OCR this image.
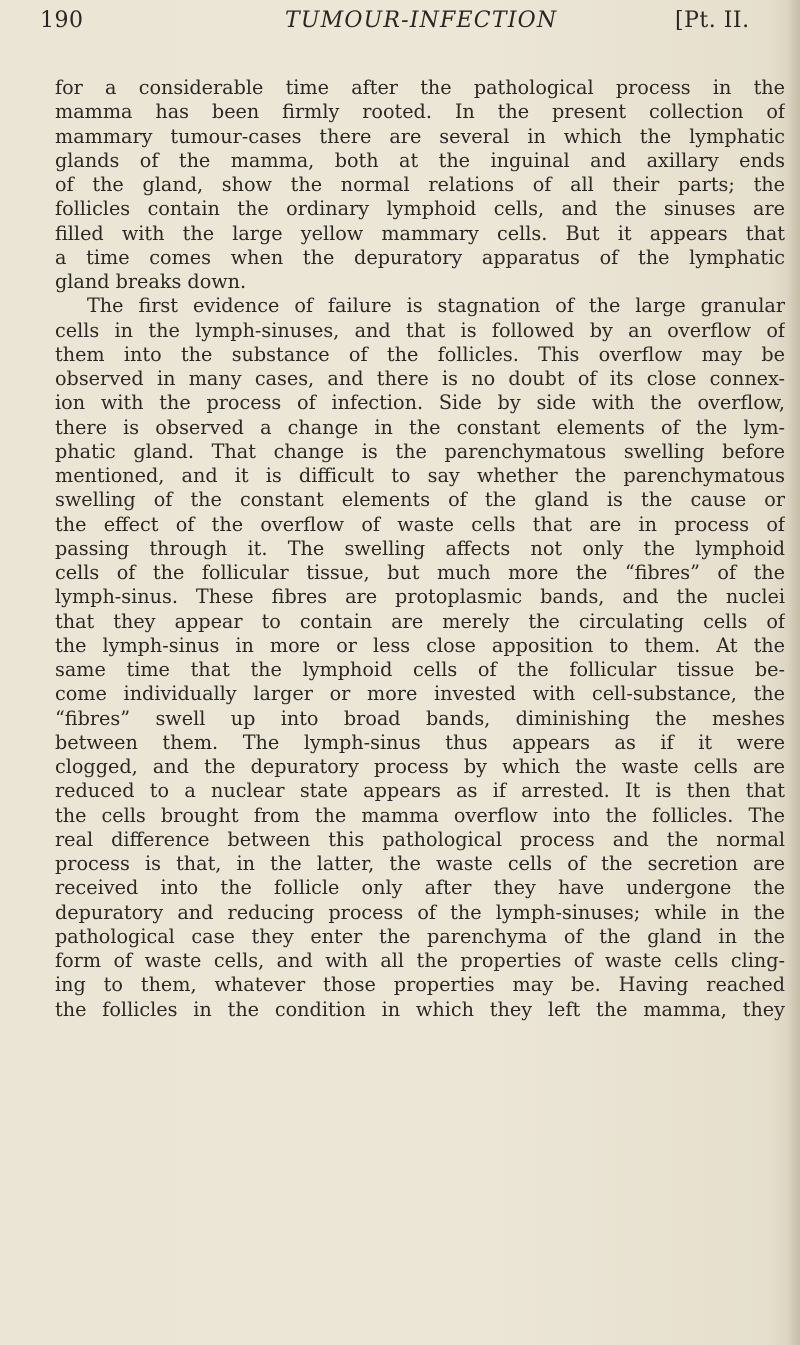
190	TUMOUR-INFECTION	[Pt. II.

for a considerable time after the pathological process in the
mamma has been firmly rooted. In the present collection of
mammary tumour-cases there are several in which the lymphatic
glands of the mamma, both at the inguinal and axillary ends
of the gland, show the normal relations of all their parts; the
follicles contain the ordinary lymphoid cells, and the sinuses are
filled with the large yellow mammary cells. But it appears that
a time comes when the depuratory apparatus of the lymphatic
gland breaks down.

The first evidence of failure is stagnation of the large granular
cells in the lymph-sinuses, and that is followed by an overflow of
them into the substance of the follicles. This overflow may be
observed in many cases, and there is no doubt of its close connex-
ion with the process of infection. Side by side with the overflow,
there is observed a change in the constant elements of the lym-
phatic gland. That change is the parenchymatous swelling before
mentioned, and it is difficult to say whether the parenchymatous
swelling of the constant elements of the gland is the cause or
the effect of the overflow of waste cells that are in process of
passing through it. The swelling affects not only the lymphoid
cells of the follicular tissue, but much more the “fibres” of the
lymph-sinus. These fibres are protoplasmic bands, and the nuclei
that they appear to contain are merely the circulating cells of
the lymph-sinus in more or less close apposition to them. At the
same time that the lymphoid cells of the follicular tissue be-
come individually larger or more invested with cell-substance, the
“fibres” swell up into broad bands, diminishing the meshes
between them. The lymph-sinus thus appears as if it were
clogged, and the depuratory process by which the waste cells are
reduced to a nuclear state appears as if arrested. It is then that
the cells brought from the mamma overflow into the follicles. The
real difference between this pathological process and the normal
process is that, in the latter, the waste cells of the secretion are
received into the follicle only after they have undergone the
depuratory and reducing process of the lymph-sinuses; while in the
pathological case they enter the parenchyma of the gland in the
form of waste cells, and with all the properties of waste cells cling-
ing to them, whatever those properties may be. Having reached
the follicles in the condition in which they left the mamma, they
